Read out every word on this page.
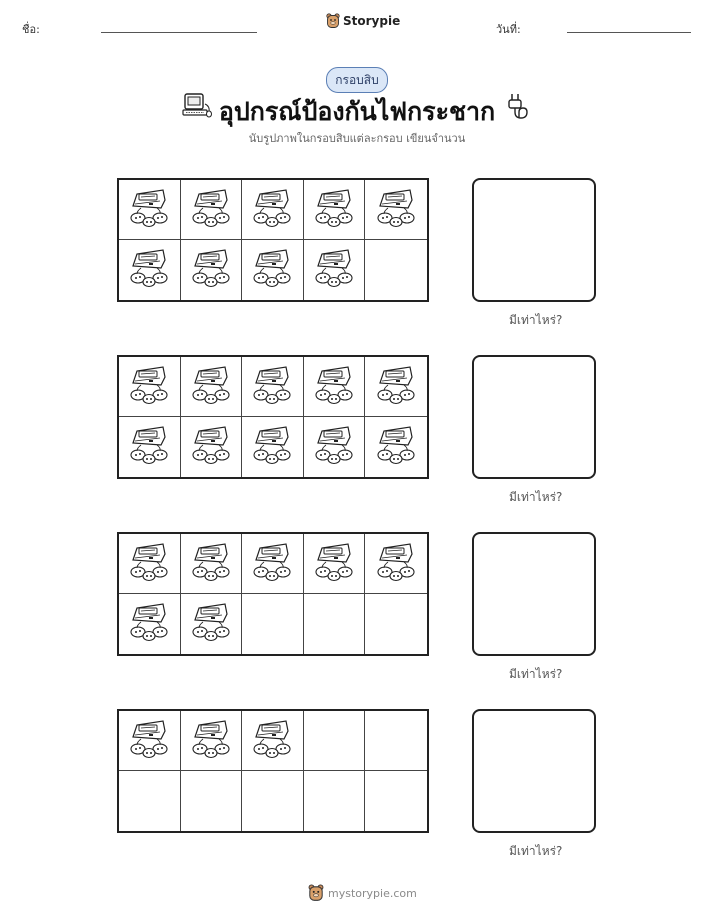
ชื่อ:
Storypie
วันที่:
กรอบสิบ
อุปกรณ์ป้องกันไฟกระชาก
นับรูปภาพในกรอบสิบแต่ละกรอบ เขียนจำนวน
มีเท่าไหร่?
มีเท่าไหร่?
มีเท่าไหร่?
มีเท่าไหร่?
mystorypie.com
